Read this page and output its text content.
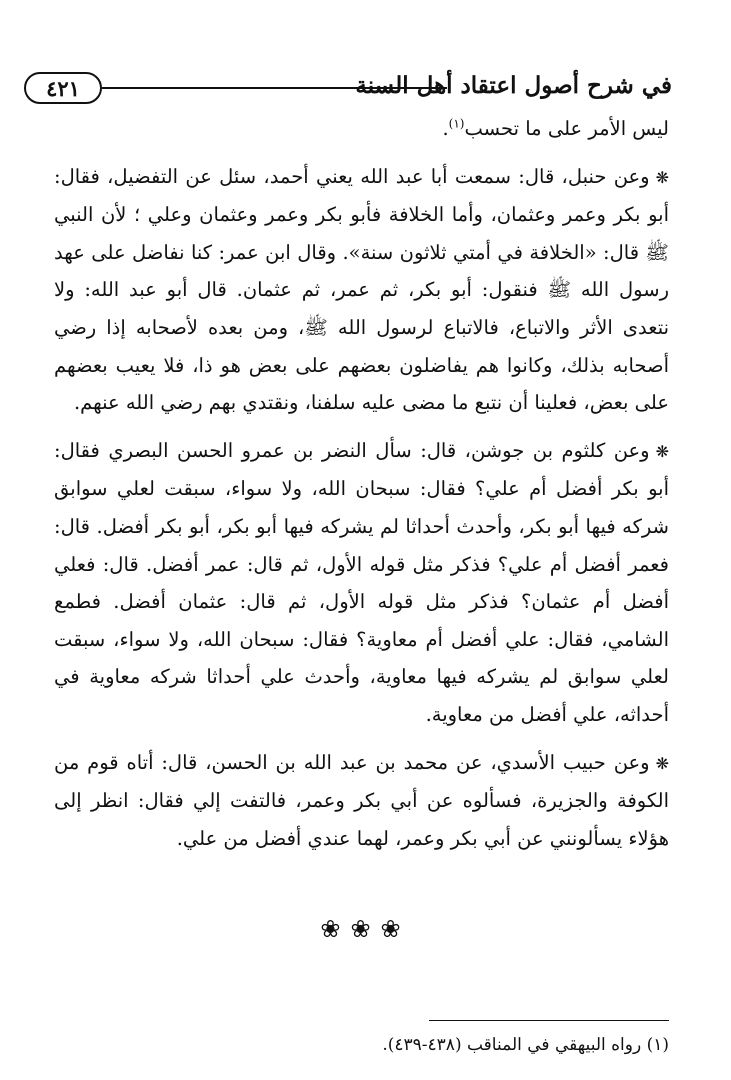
٤٢١	في شرح أصول اعتقاد أهل السنة

ليس الأمر على ما تحسب$^{(١)}$.

❋وعن حنبل، قال: سمعت أبا عبد الله يعني أحمد، سئل عن التفضيل، فقال: أبو بكر وعمر وعثمان، وأما الخلافة فأبو بكر وعمر وعثمان وعلي ؛ لأن النبي ﷺ قال: «الخلافة في أمتي ثلاثون سنة». وقال ابن عمر: كنا نفاضل على عهد رسول الله ﷺ فنقول: أبو بكر، ثم عمر، ثم عثمان. قال أبو عبد الله: ولا نتعدى الأثر والاتباع، فالاتباع لرسول الله ﷺ، ومن بعده لأصحابه إذا رضي أصحابه بذلك، وكانوا هم يفاضلون بعضهم على بعض هو ذا، فلا يعيب بعضهم على بعض، فعلينا أن نتبع ما مضى عليه سلفنا، ونقتدي بهم رضي الله عنهم.

❋وعن كلثوم بن جوشن، قال: سأل النضر بن عمرو الحسن البصري فقال: أبو بكر أفضل أم علي؟ فقال: سبحان الله، ولا سواء، سبقت لعلي سوابق شركه فيها أبو بكر، وأحدث أحداثا لم يشركه فيها أبو بكر، أبو بكر أفضل. قال: فعمر أفضل أم علي؟ فذكر مثل قوله الأول، ثم قال: عمر أفضل. قال: فعلي أفضل أم عثمان؟ فذكر مثل قوله الأول، ثم قال: عثمان أفضل. فطمع الشامي، فقال: علي أفضل أم معاوية؟ فقال: سبحان الله، ولا سواء، سبقت لعلي سوابق لم يشركه فيها معاوية، وأحدث علي أحداثا شركه معاوية في أحداثه، علي أفضل من معاوية.

❋وعن حبيب الأسدي، عن محمد بن عبد الله بن الحسن، قال: أتاه قوم من الكوفة والجزيرة، فسألوه عن أبي بكر وعمر، فالتفت إلي فقال: انظر إلى هؤلاء يسألونني عن أبي بكر وعمر، لهما عندي أفضل من علي.

❀❀❀
(١) رواه البيهقي في المناقب (٤٣٨-٤٣٩).
